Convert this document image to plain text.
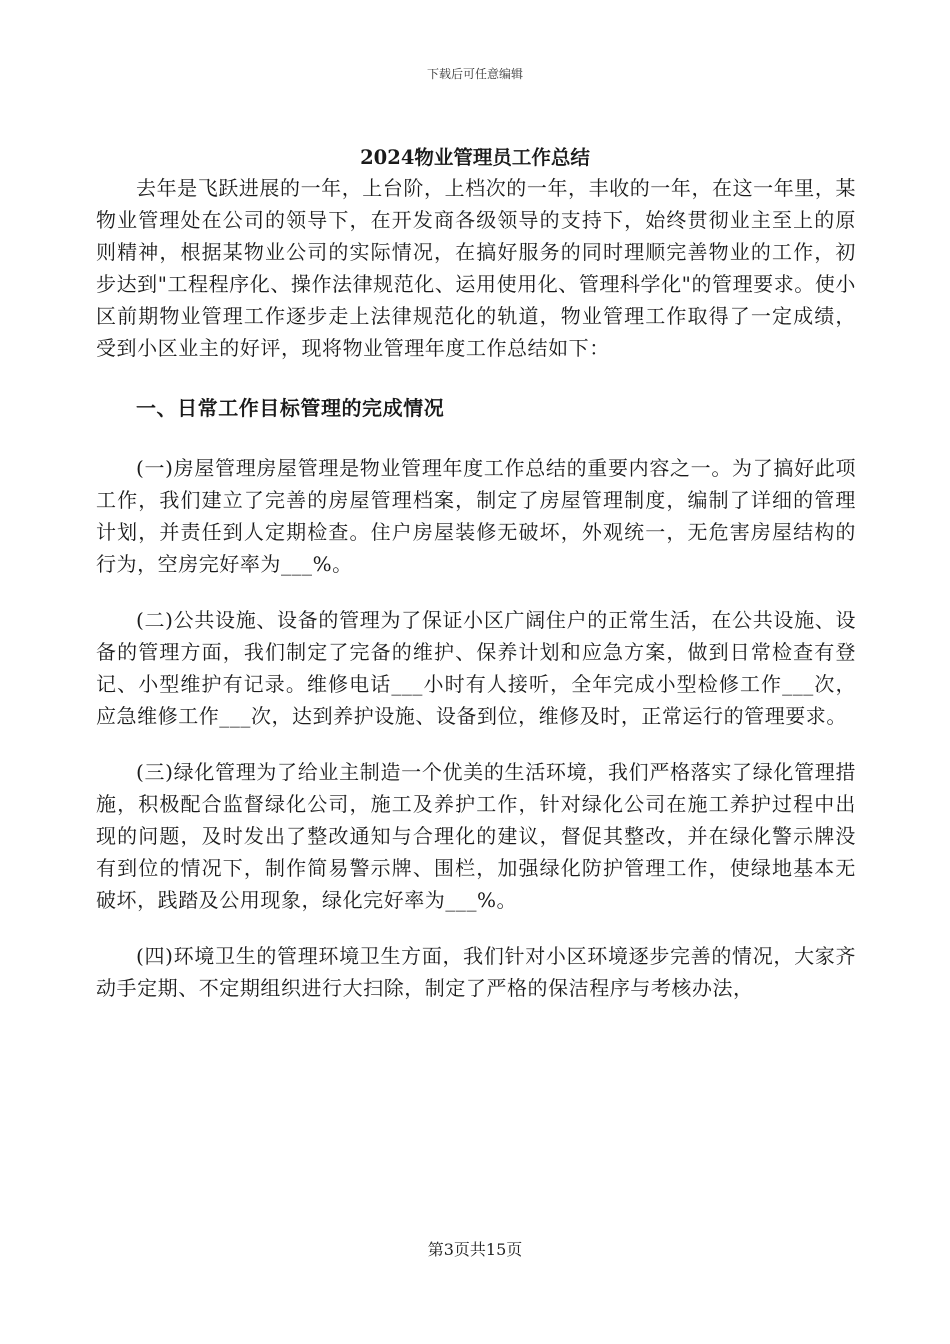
下载后可任意编辑
2024物业管理员工作总结

去年是飞跃进展的一年，上台阶，上档次的一年，丰收的一年，在这一年里，某物业管理处在公司的领导下，在开发商各级领导的支持下，始终贯彻业主至上的原则精神，根据某物业公司的实际情况，在搞好服务的同时理顺完善物业的工作，初步达到"工程程序化、操作法律规范化、运用使用化、管理科学化"的管理要求。使小区前期物业管理工作逐步走上法律规范化的轨道，物业管理工作取得了一定成绩，受到小区业主的好评，现将物业管理年度工作总结如下：

一、日常工作目标管理的完成情况

(一)房屋管理房屋管理是物业管理年度工作总结的重要内容之一。为了搞好此项工作，我们建立了完善的房屋管理档案，制定了房屋管理制度，编制了详细的管理计划，并责任到人定期检查。住户房屋装修无破坏，外观统一，无危害房屋结构的行为，空房完好率为___%。

(二)公共设施、设备的管理为了保证小区广阔住户的正常生活，在公共设施、设备的管理方面，我们制定了完备的维护、保养计划和应急方案，做到日常检查有登记、小型维护有记录。维修电话___小时有人接听，全年完成小型检修工作___次，应急维修工作___次，达到养护设施、设备到位，维修及时，正常运行的管理要求。

(三)绿化管理为了给业主制造一个优美的生活环境，我们严格落实了绿化管理措施，积极配合监督绿化公司，施工及养护工作，针对绿化公司在施工养护过程中出现的问题，及时发出了整改通知与合理化的建议，督促其整改，并在绿化警示牌没有到位的情况下，制作简易警示牌、围栏，加强绿化防护管理工作，使绿地基本无破坏，践踏及公用现象，绿化完好率为___%。

(四)环境卫生的管理环境卫生方面，我们针对小区环境逐步完善的情况，大家齐动手定期、不定期组织进行大扫除，制定了严格的保洁程序与考核办法，

第3页共15页
